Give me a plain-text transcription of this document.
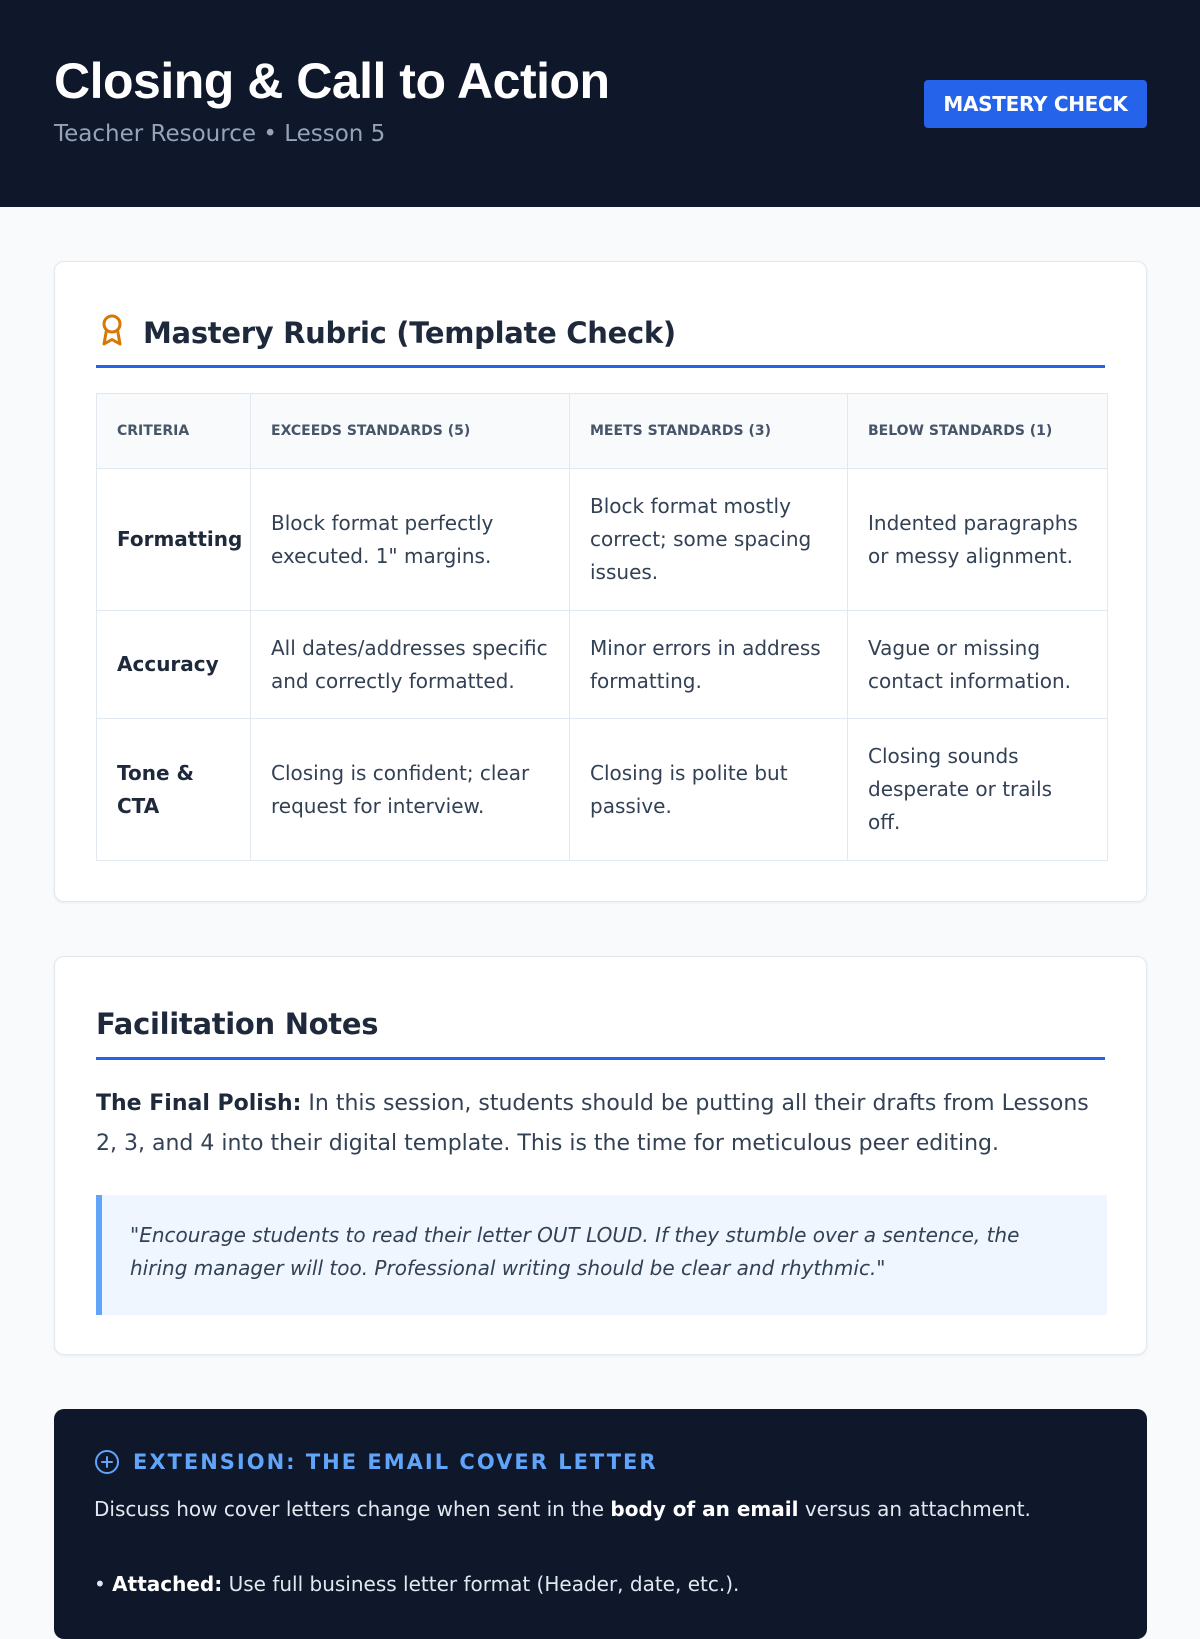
Closing & Call to Action
Teacher Resource • Lesson 5
MASTERY CHECK
Mastery Rubric (Template Check)
CRITERIA	EXCEEDS STANDARDS (5)	MEETS STANDARDS (3)	BELOW STANDARDS (1)
Formatting	Block format perfectly executed. 1" margins.	Block format mostly correct; some spacing issues.	Indented paragraphs or messy alignment.
Accuracy	All dates/addresses specific and correctly formatted.	Minor errors in address formatting.	Vague or missing contact information.
Tone & CTA	Closing is confident; clear request for interview.	Closing is polite but passive.	Closing sounds desperate or trails off.
Facilitation Notes

The Final Polish: In this session, students should be putting all their drafts from Lessons 2, 3, and 4 into their digital template. This is the time for meticulous peer editing.

"Encourage students to read their letter OUT LOUD. If they stumble over a sentence, the hiring manager will too. Professional writing should be clear and rhythmic."
EXTENSION: THE EMAIL COVER LETTER

Discuss how cover letters change when sent in the body of an email versus an attachment.

• Attached: Use full business letter format (Header, date, etc.).
